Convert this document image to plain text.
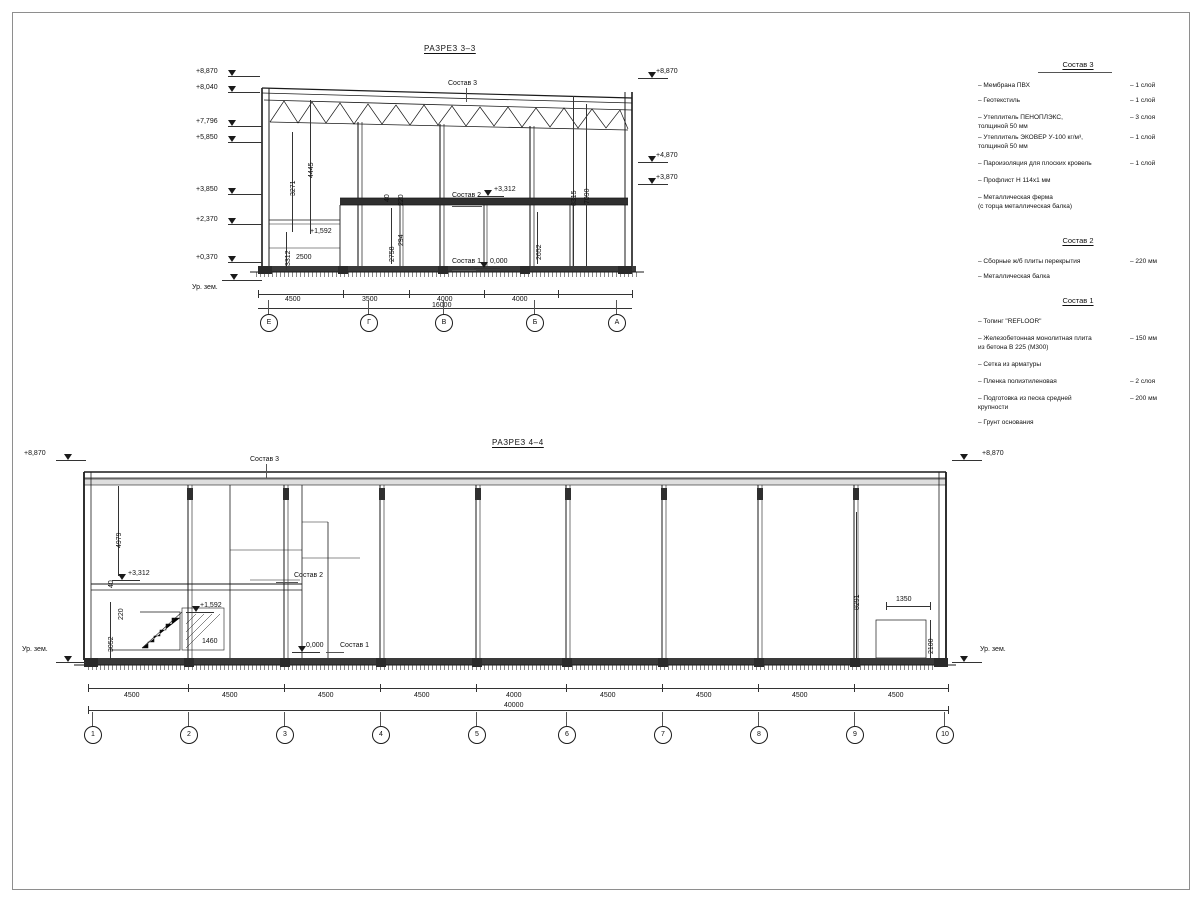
РАЗРЕЗ 3–3
+8,870
+8,040
+7,796
+5,850
+3,850
+2,370
+0,370
Ур. зем.
+8,870
+4,870
+3,870
+3,312
+1,592
0,000
3271
4445
3312 2500
40 220
294
2758	2652
8315 7090
Состав 3
Состав 2
Состав 1
4500	3500	4000	4000
16000
Е	Г	В	Б	А
РАЗРЕЗ 4–4
+8,870
Ур. зем.
+8,870
Ур. зем.
+3,312
+1,592
0,000
4979
3052
220
40
1460
8291
2100
1350
Состав 3
Состав 2
Состав 1
4500	4500	4500	4500	4000	4500	4500	4500	4500
40000
1	2	3	4	5	6	7	8	9	10
Состав 3
– Мембрана ПВХ	– 1 слой
– Геотекстиль	– 1 слой
– Утеплитель ПЕНОПЛЭКС,	– 3 слоя
толщиной 50 мм
– Утеплитель ЭКОВЕР У-100 кг/м³,	– 1 слой
толщиной 50 мм
– Пароизоляция для плоских кровель	– 1 слой
– Профлист Н 114х1 мм
– Металлическая ферма
(с торца металлическая балка)
Состав 2
– Сборные ж/б плиты перекрытия	– 220 мм
– Металлическая балка
Состав 1
– Топинг "REFLOOR"
– Железобетонная монолитная плита	– 150 мм
из бетона В 225 (М300)
– Сетка из арматуры
– Пленка полиэтиленовая	– 2 слоя
– Подготовка из песка средней	– 200 мм
крупности
– Грунт основания
